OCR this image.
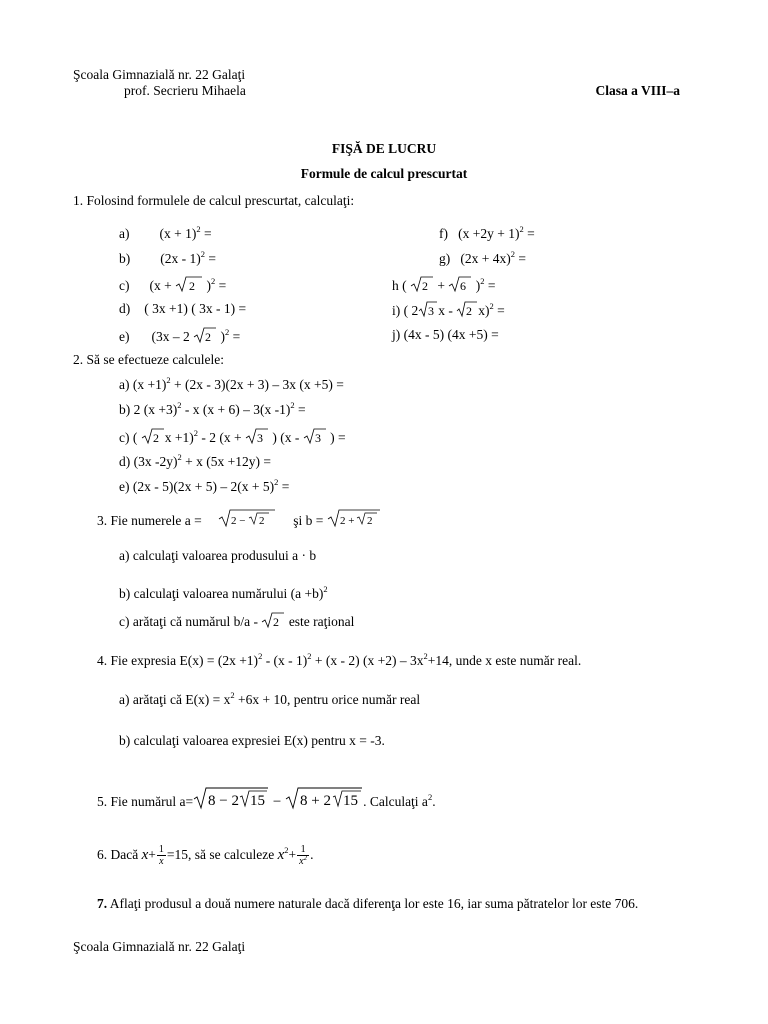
Şcoala Gimnazială nr. 22 Galaţi
prof. Secrieru Mihaela	Clasa a VIII–a
FIŞĂ DE LUCRU
Formule de calcul prescurtat
1. Folosind formulele de calcul prescurtat, calculaţi:
a) $(x + 1)^2$ =
b) (2x - 1)$^2$ =
c) (x + 2 )$^2$ =
d) ( 3x +1) ( 3x - 1) =
e) (3x – 2 2 )$^2$ =
f) $(x +2y + 1)^2$ =
g) $(2x + 4x)^2$ =
h ( 2 + 6 )$^2$ =
i) ( 2 3 x - 2 x)$^2$ =
j) (4x - 5) (4x +5) =
2. Să se efectueze calculele:
a) $(x +1)^2 + (2x - 3)(2x + 3) - 3x$ (x +5) =
b) 2 $(x +3)^2 - x$ (x + 6) – 3(x -1)$^2$ =
c) ( 2 x +1)$^2$ - 2 (x + 3 ) (x - 3 ) =
d) (3x -2y)$^2$ + x (5x +12y) =
e) $(2x - 5)(2x + 5) - 2(x + 5)^2$ =
3. Fie numerele a =	2 − 2 şi b = 2 + 2
a) calculaţi valoarea produsului a · b
b) calculaţi valoarea numărului $(a +b)^2$
c) arătaţi că numărul b/a - 2 este raţional
4. Fie expresia $E(x) = (2x +1)^2 - (x - 1)^2 + (x - 2)$ $(x +2) - 3x^2+14$, unde x este număr real.
a) arătaţi că $E(x) = x^2 +6x + 10$, pentru orice număr real
b) calculaţi valoarea expresiei E(x) pentru x = -3.
5. Fie numărul a= 8 − 2 15 − 8 + 2 15 . Calculaţi $a^2$.
6. Dacă $x+ \frac{1}{x} =15$, să se calculeze $x^2+ \frac{1}{x^2}$ .
7. Aflaţi produsul a două numere naturale dacă diferenţa lor este 16, iar suma pătratelor lor este 706.
Şcoala Gimnazială nr. 22 Galaţi
